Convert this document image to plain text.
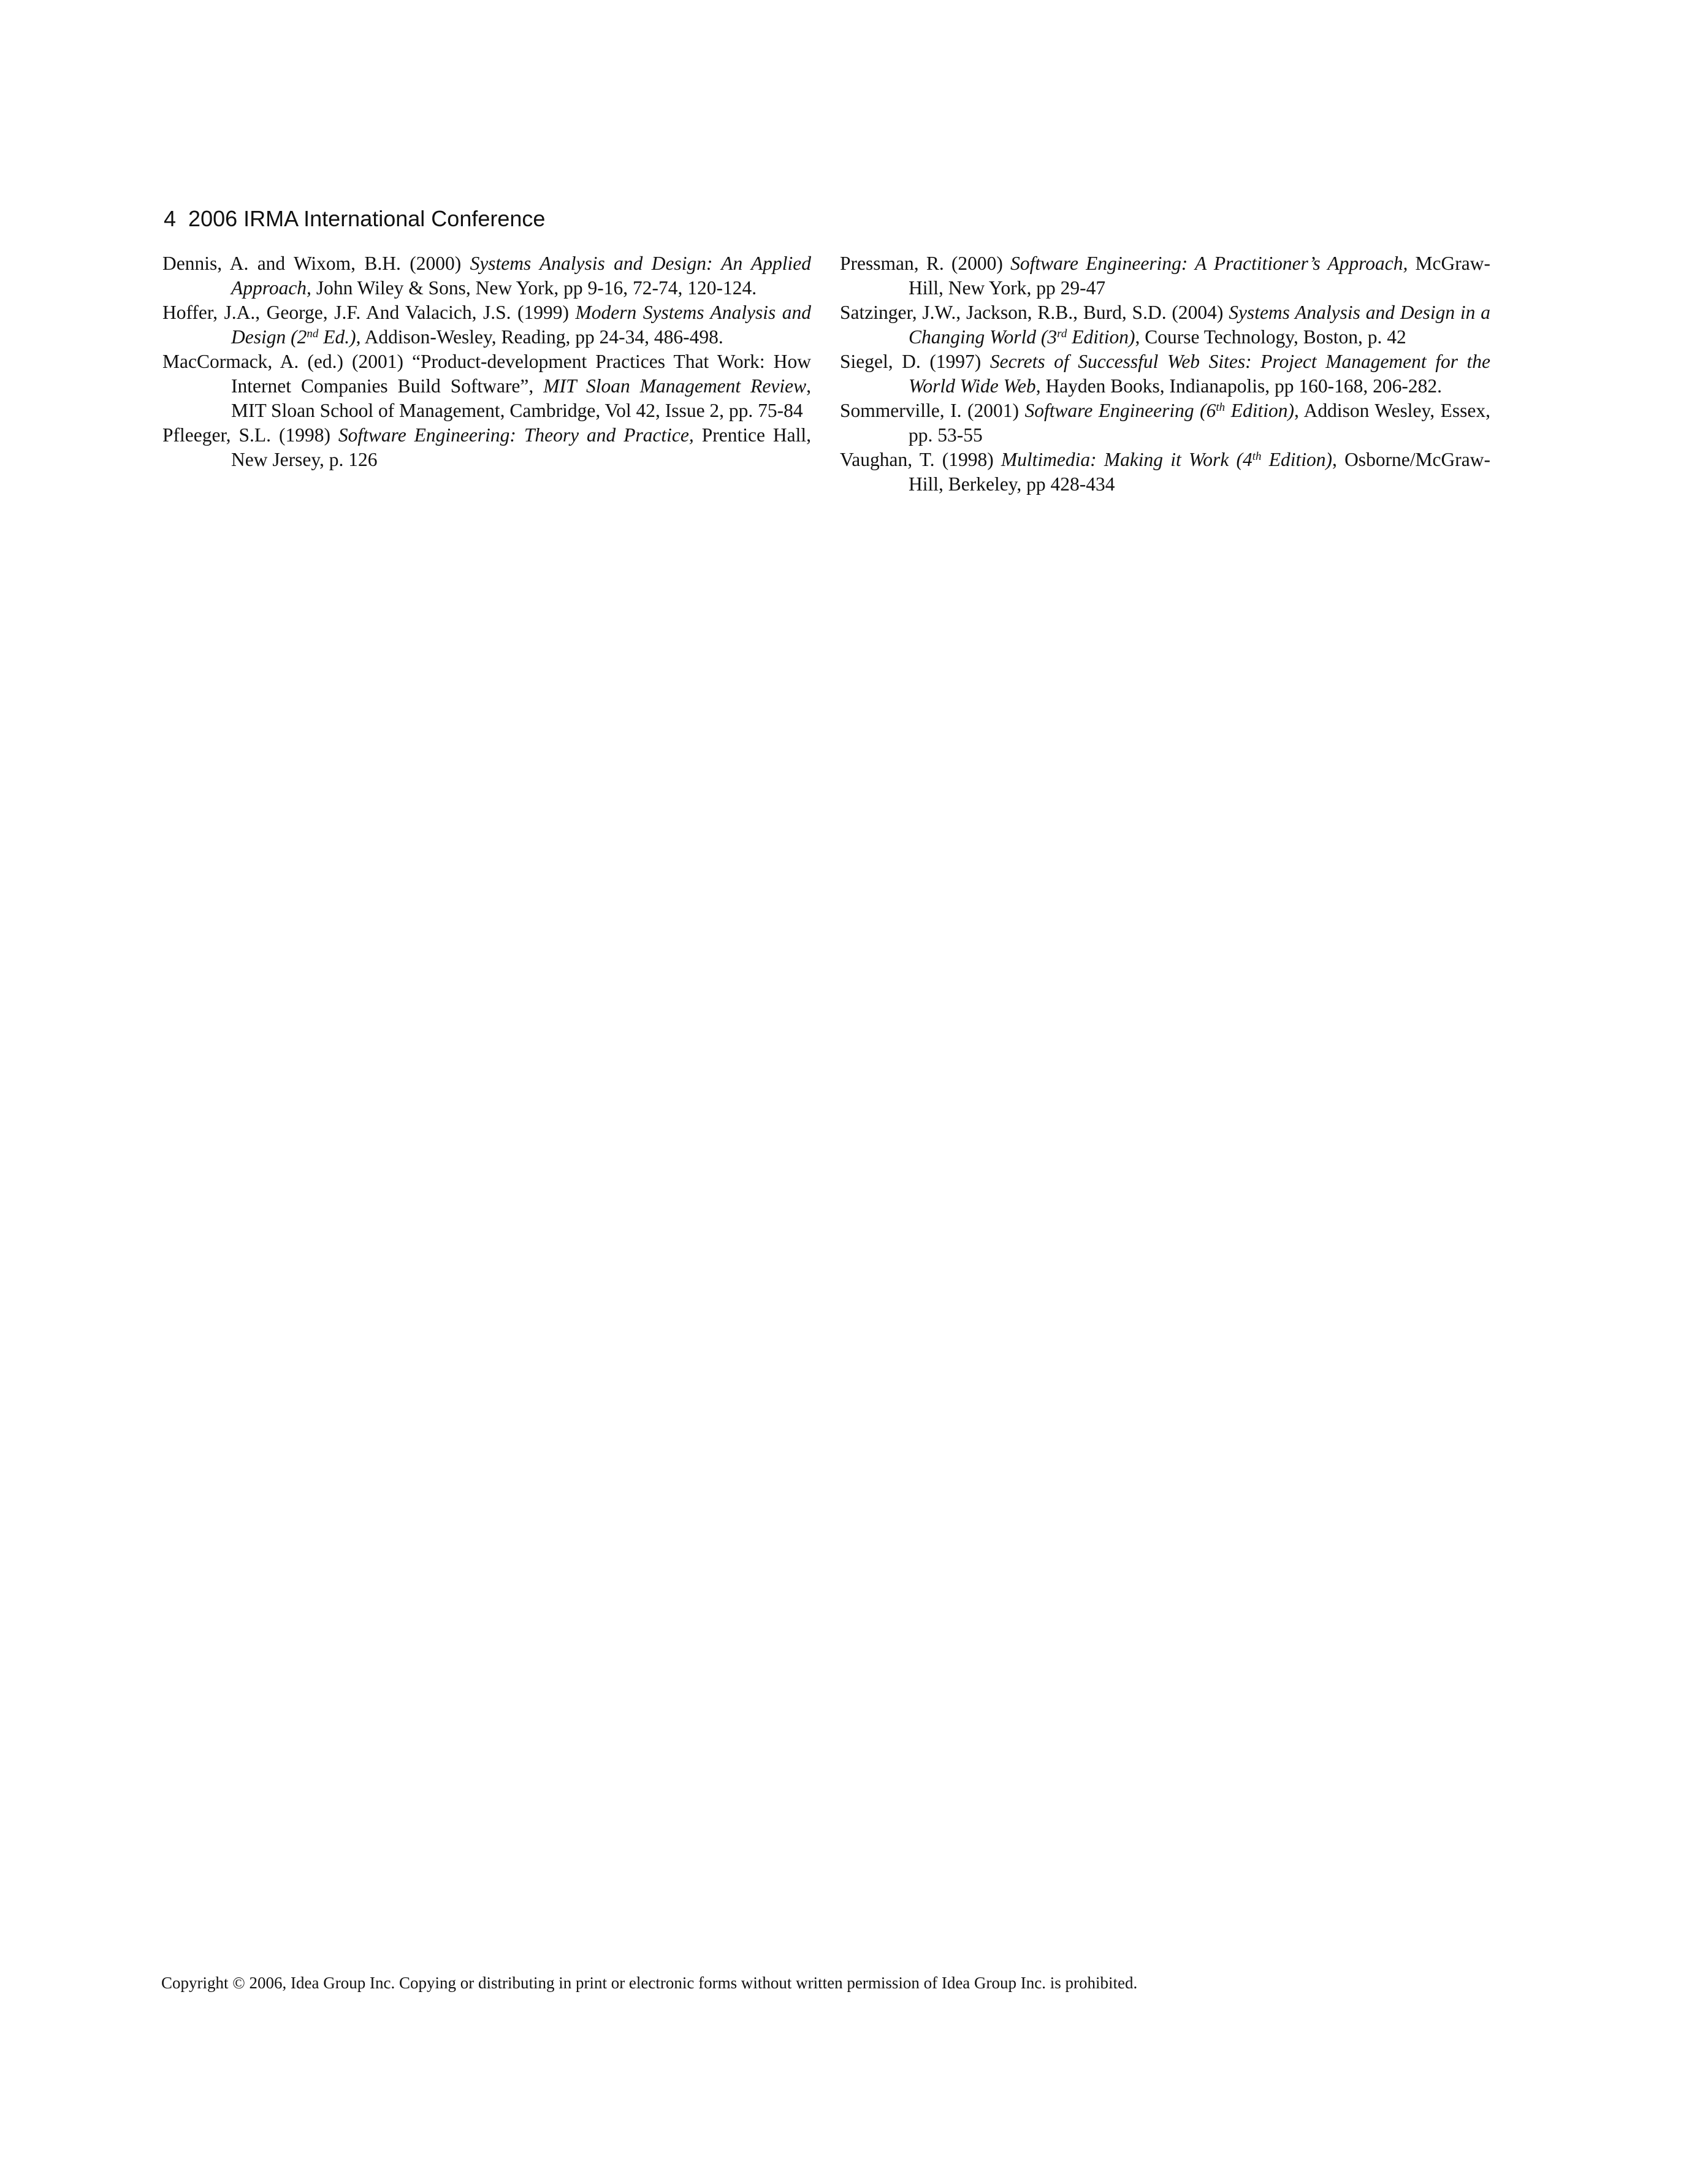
4 2006 IRMA International Conference

Dennis, A. and Wixom, B.H. (2000) Systems Analysis and Design: An Applied Approach, John Wiley & Sons, New York, pp 9-16, 72-74, 120-124.

Hoffer, J.A., George, J.F. And Valacich, J.S. (1999) Modern Systems Analysis and Design (2nd Ed.), Addison-Wesley, Reading, pp 24-34, 486-498.

MacCormack, A. (ed.) (2001) “Product-development Practices That Work: How Internet Companies Build Software”, MIT Sloan Management Review, MIT Sloan School of Management, Cambridge, Vol 42, Issue 2, pp. 75-84

Pfleeger, S.L. (1998) Software Engineering: Theory and Practice, Prentice Hall, New Jersey, p. 126

Pressman, R. (2000) Software Engineering: A Practitioner’s Approach, McGraw-Hill, New York, pp 29-47

Satzinger, J.W., Jackson, R.B., Burd, S.D. (2004) Systems Analysis and Design in a Changing World (3rd Edition), Course Technology, Boston, p. 42

Siegel, D. (1997) Secrets of Successful Web Sites: Project Management for the World Wide Web, Hayden Books, Indianapolis, pp 160-168, 206-282.

Sommerville, I. (2001) Software Engineering (6th Edition), Addison Wesley, Essex, pp. 53-55

Vaughan, T. (1998) Multimedia: Making it Work (4th Edition), Osborne/McGraw-Hill, Berkeley, pp 428-434

Copyright © 2006, Idea Group Inc. Copying or distributing in print or electronic forms without written permission of Idea Group Inc. is prohibited.
